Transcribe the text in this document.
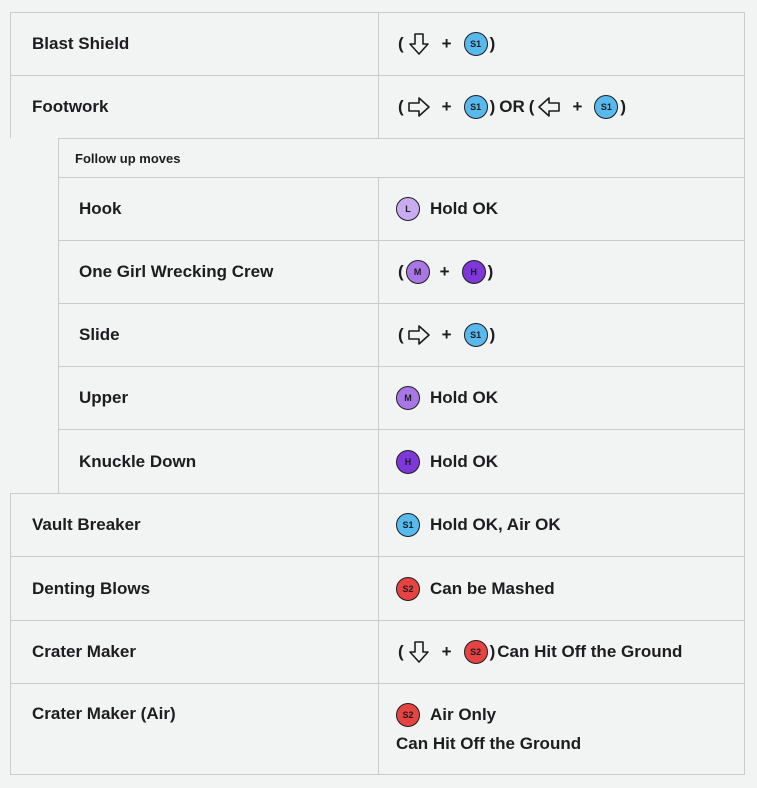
Blast Shield	( +	S1 )
Footwork	( +	S1 ) OR ( +	S1 )
Follow up moves
Hook	L	Hold OK
One Girl Wrecking Crew	(	M	+	H )
Slide	( +	S1 )
Upper	M	Hold OK
Knuckle Down	H	Hold OK
Vault Breaker	S1 Hold OK, Air OK
Denting Blows	S2 Can be Mashed
Crater Maker	( +	S2 ) Can Hit Off the Ground
Crater Maker (Air)	S2 Air Only
Can Hit Off the Ground
